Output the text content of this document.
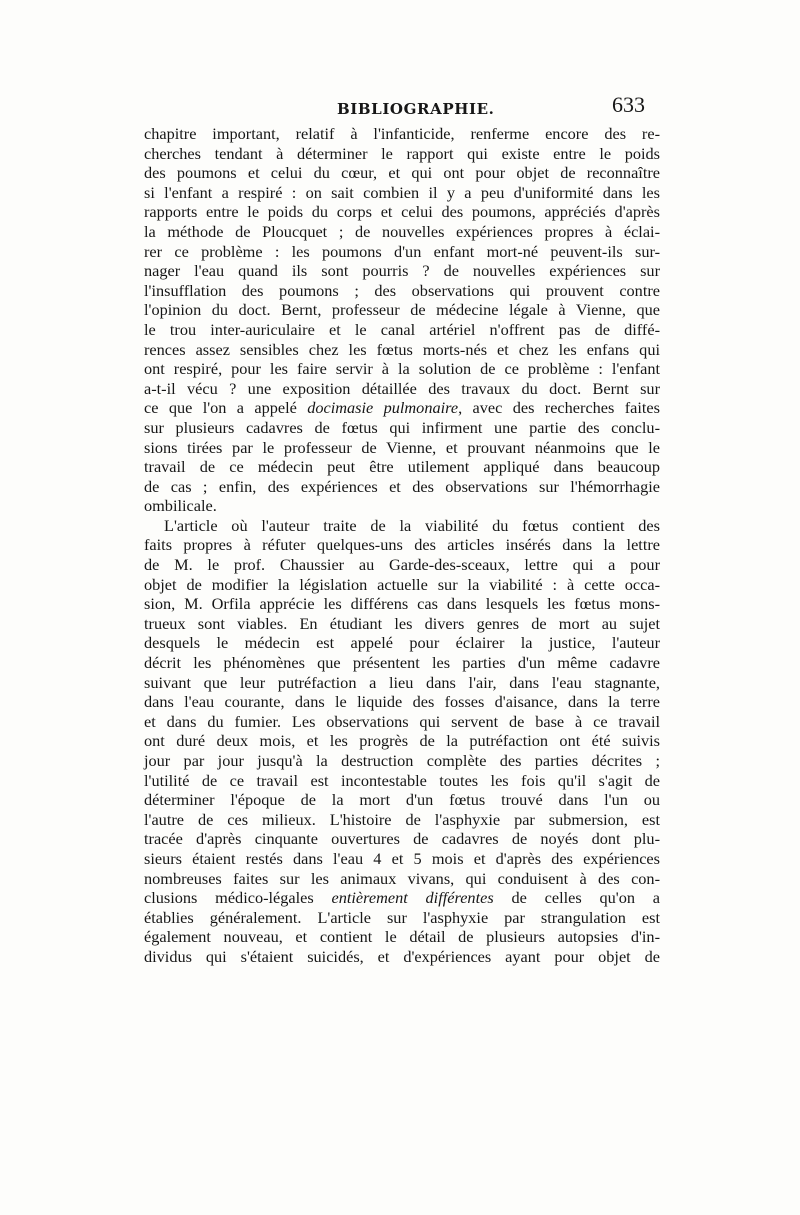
BIBLIOGRAPHIE.	633
chapitre important, relatif à l'infanticide, renferme encore des re-
cherches tendant à déterminer le rapport qui existe entre le poids
des poumons et celui du cœur, et qui ont pour objet de reconnaître
si l'enfant a respiré : on sait combien il y a peu d'uniformité dans les
rapports entre le poids du corps et celui des poumons, appréciés d'après
la méthode de Ploucquet ; de nouvelles expériences propres à éclai-
rer ce problème : les poumons d'un enfant mort-né peuvent-ils sur-
nager l'eau quand ils sont pourris ? de nouvelles expériences sur
l'insufflation des poumons ; des observations qui prouvent contre
l'opinion du doct. Bernt, professeur de médecine légale à Vienne, que
le trou inter-auriculaire et le canal artériel n'offrent pas de diffé-
rences assez sensibles chez les fœtus morts-nés et chez les enfans qui
ont respiré, pour les faire servir à la solution de ce problème : l'enfant
a-t-il vécu ? une exposition détaillée des travaux du doct. Bernt sur
ce que l'on a appelé docimasie pulmonaire, avec des recherches faites
sur plusieurs cadavres de fœtus qui infirment une partie des conclu-
sions tirées par le professeur de Vienne, et prouvant néanmoins que le
travail de ce médecin peut être utilement appliqué dans beaucoup
de cas ; enfin, des expériences et des observations sur l'hémorrhagie
ombilicale.
L'article où l'auteur traite de la viabilité du fœtus contient des
faits propres à réfuter quelques-uns des articles insérés dans la lettre
de M. le prof. Chaussier au Garde-des-sceaux, lettre qui a pour
objet de modifier la législation actuelle sur la viabilité : à cette occa-
sion, M. Orfila apprécie les différens cas dans lesquels les fœtus mons-
trueux sont viables. En étudiant les divers genres de mort au sujet
desquels le médecin est appelé pour éclairer la justice, l'auteur
décrit les phénomènes que présentent les parties d'un même cadavre
suivant que leur putréfaction a lieu dans l'air, dans l'eau stagnante,
dans l'eau courante, dans le liquide des fosses d'aisance, dans la terre
et dans du fumier. Les observations qui servent de base à ce travail
ont duré deux mois, et les progrès de la putréfaction ont été suivis
jour par jour jusqu'à la destruction complète des parties décrites ;
l'utilité de ce travail est incontestable toutes les fois qu'il s'agit de
déterminer l'époque de la mort d'un fœtus trouvé dans l'un ou
l'autre de ces milieux. L'histoire de l'asphyxie par submersion, est
tracée d'après cinquante ouvertures de cadavres de noyés dont plu-
sieurs étaient restés dans l'eau 4 et 5 mois et d'après des expériences
nombreuses faites sur les animaux vivans, qui conduisent à des con-
clusions médico-légales entièrement différentes de celles qu'on a
établies généralement. L'article sur l'asphyxie par strangulation est
également nouveau, et contient le détail de plusieurs autopsies d'in-
dividus qui s'étaient suicidés, et d'expériences ayant pour objet de
